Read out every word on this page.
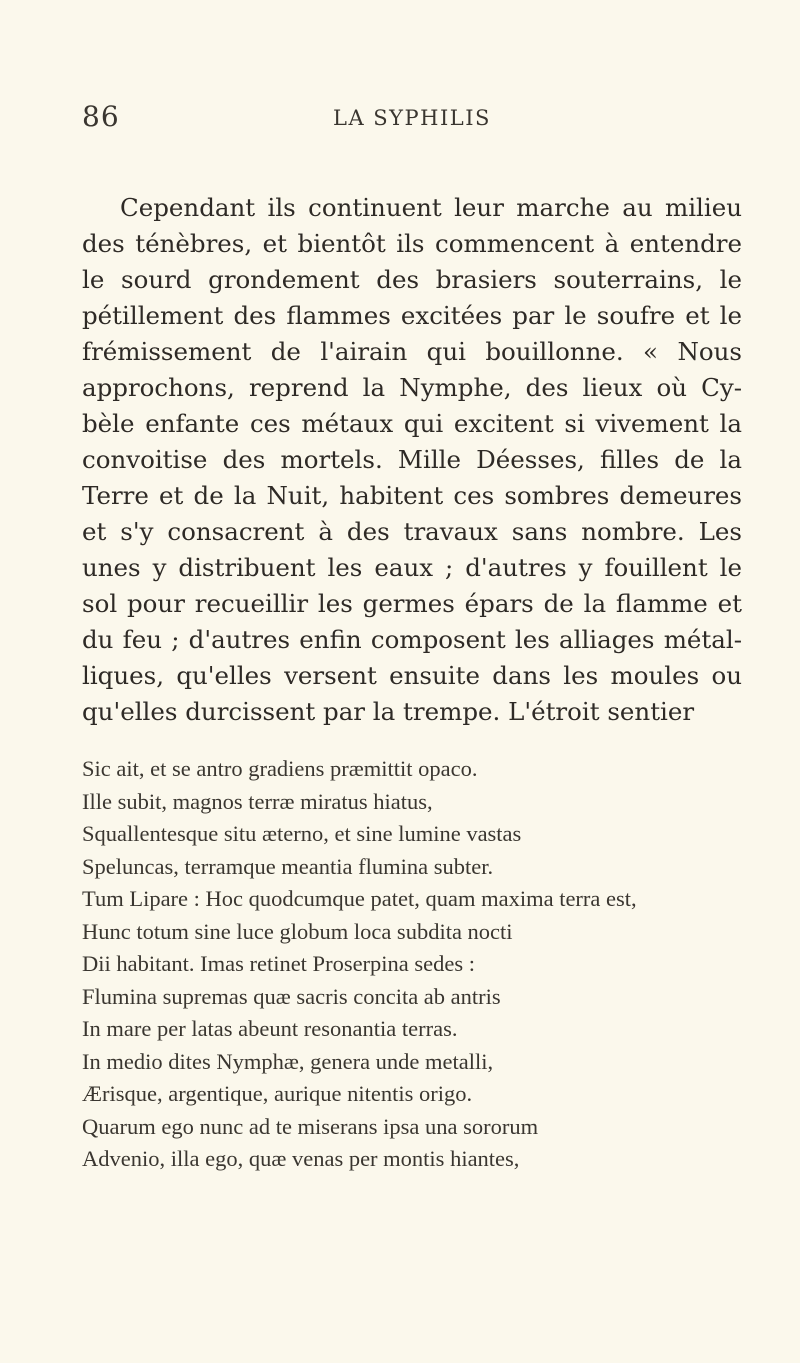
86	LA SYPHILIS
Cependant ils continuent leur marche au milieu
des ténèbres, et bientôt ils commencent à entendre
le sourd grondement des brasiers souterrains, le
pétillement des flammes excitées par le soufre et le
frémissement de l'airain qui bouillonne. « Nous
approchons, reprend la Nymphe, des lieux où Cy-
bèle enfante ces métaux qui excitent si vivement la
convoitise des mortels. Mille Déesses, filles de la
Terre et de la Nuit, habitent ces sombres demeures
et s'y consacrent à des travaux sans nombre. Les
unes y distribuent les eaux ; d'autres y fouillent le
sol pour recueillir les germes épars de la flamme et
du feu ; d'autres enfin composent les alliages métal-
liques, qu'elles versent ensuite dans les moules ou
qu'elles durcissent par la trempe. L'étroit sentier
Sic ait, et se antro gradiens præmittit opaco.
Ille subit, magnos terræ miratus hiatus,
Squallentesque situ æterno, et sine lumine vastas
Speluncas, terramque meantia flumina subter.
Tum Lipare : Hoc quodcumque patet, quam maxima terra est,
Hunc totum sine luce globum loca subdita nocti
Dii habitant. Imas retinet Proserpina sedes :
Flumina supremas quæ sacris concita ab antris
In mare per latas abeunt resonantia terras.
In medio dites Nymphæ, genera unde metalli,
Ærisque, argentique, aurique nitentis origo.
Quarum ego nunc ad te miserans ipsa una sororum
Advenio, illa ego, quæ venas per montis hiantes,
